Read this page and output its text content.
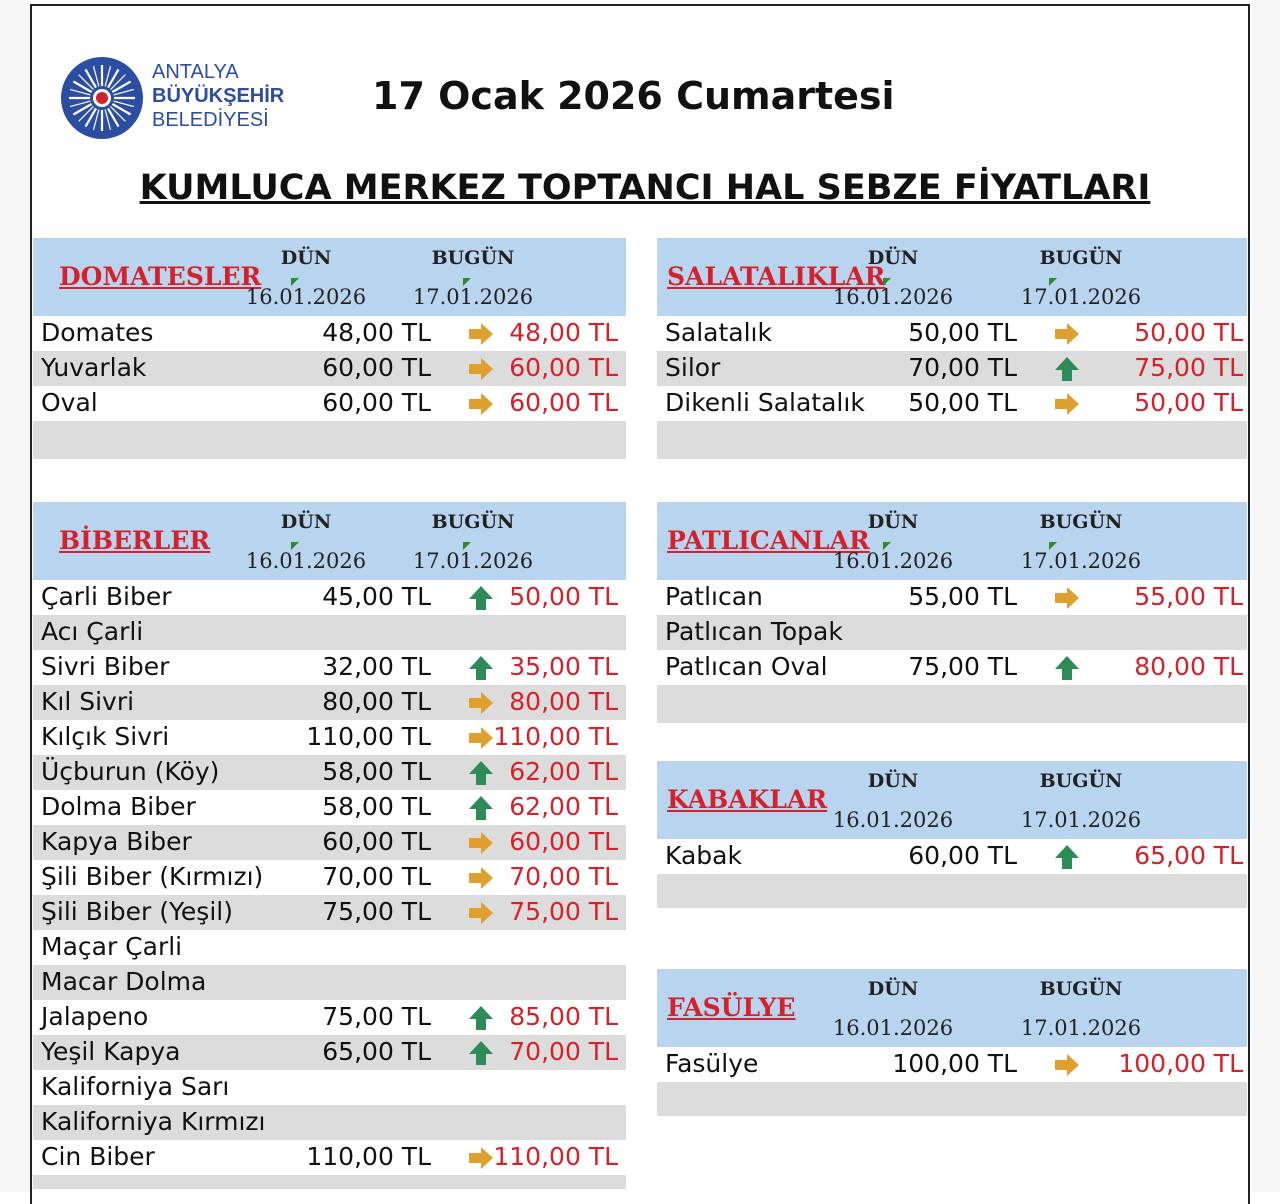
ANTALYA
BÜYÜKŞEHİR
BELEDİYESİ
17 Ocak 2026 Cumartesi
KUMLUCA MERKEZ TOPTANCI HAL SEBZE FİYATLARI
DOMATESLER
DÜN
16.01.2026
BUGÜN
17.01.2026
Domates	48,00 TL	48,00 TL
Yuvarlak	60,00 TL	60,00 TL
Oval	60,00 TL	60,00 TL
BİBERLER
DÜN
16.01.2026
BUGÜN
17.01.2026
Çarli Biber	45,00 TL	50,00 TL
Acı Çarli
Sivri Biber	32,00 TL	35,00 TL
Kıl Sivri	80,00 TL	80,00 TL
Kılçık Sivri	110,00 TL 110,00 TL
Üçburun (Köy)	58,00 TL	62,00 TL
Dolma Biber	58,00 TL	62,00 TL
Kapya Biber	60,00 TL	60,00 TL
Şili Biber (Kırmızı) 70,00 TL	70,00 TL
Şili Biber (Yeşil)	75,00 TL	75,00 TL
Maçar Çarli
Macar Dolma
Jalapeno	75,00 TL	85,00 TL
Yeşil Kapya	65,00 TL	70,00 TL
Kaliforniya Sarı
Kaliforniya Kırmızı
Cin Biber	110,00 TL 110,00 TL
SALATALIKLAR
DÜN
16.01.2026
BUGÜN
17.01.2026
Salatalık	50,00 TL	50,00 TL
Silor	70,00 TL	75,00 TL
Dikenli Salatalık 50,00 TL	50,00 TL
PATLICANLAR
DÜN
16.01.2026
BUGÜN
17.01.2026
Patlıcan	55,00 TL	55,00 TL
Patlıcan Topak
Patlıcan Oval	75,00 TL	80,00 TL
KABAKLAR
DÜN
16.01.2026
BUGÜN
17.01.2026
Kabak	60,00 TL	65,00 TL
FASÜLYE
DÜN
16.01.2026
BUGÜN
17.01.2026
Fasülye	100,00 TL	100,00 TL
